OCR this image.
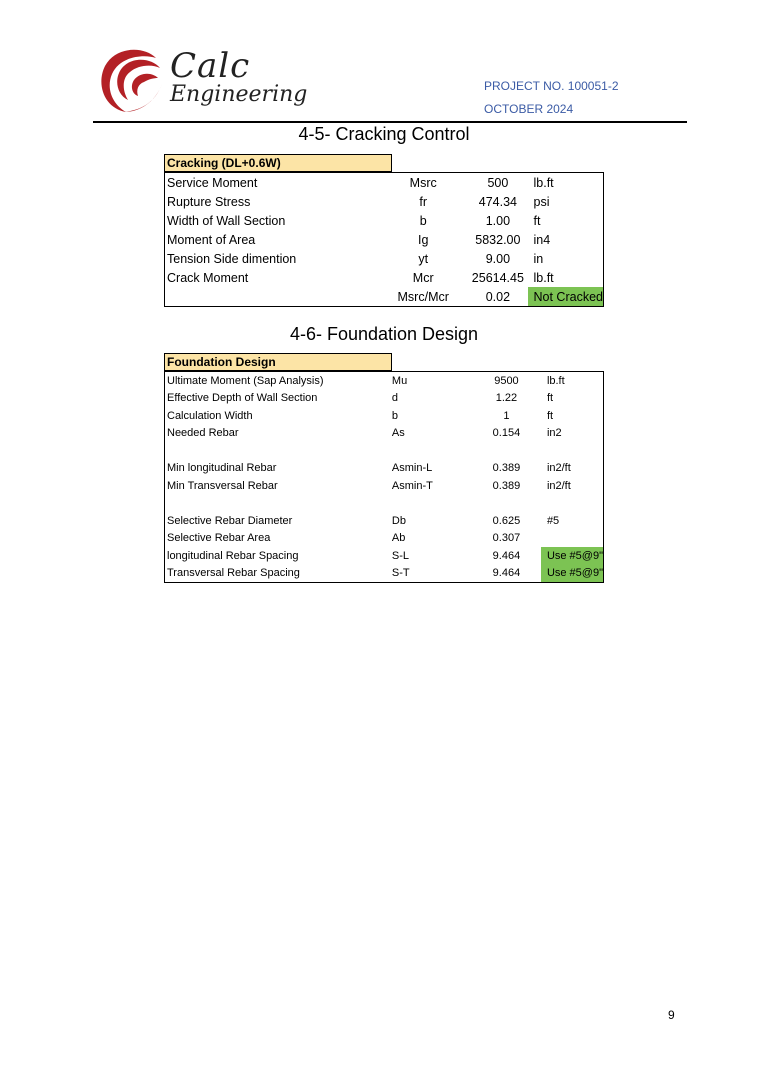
Calc
Engineering	PROJECT NO. 100051-2
OCTOBER 2024
4-5- Cracking Control
Cracking (DL+0.6W)
Service Moment	Msrc	500	lb.ft
Rupture Stress	fr	474.34	psi
Width of Wall Section	b	1.00	ft
Moment of Area	Ig	5832.00	in4
Tension Side dimention	yt	9.00	in
Crack Moment	Mcr	25614.45	lb.ft
	Msrc/Mcr	0.02	Not Cracked
4-6- Foundation Design
Foundation Design
Ultimate Moment (Sap Analysis)	Mu	9500	lb.ft
Effective Depth of Wall Section	d	1.22	ft
Calculation Width	b	1	ft
Needed Rebar	As	0.154	in2

Min longitudinal Rebar	Asmin-L	0.389	in2/ft
Min Transversal Rebar	Asmin-T	0.389	in2/ft

Selective Rebar Diameter	Db	0.625	#5
Selective Rebar Area	Ab	0.307	
longitudinal Rebar Spacing	S-L	9.464	Use #5@9"
Transversal Rebar Spacing	S-T	9.464	Use #5@9"
9
